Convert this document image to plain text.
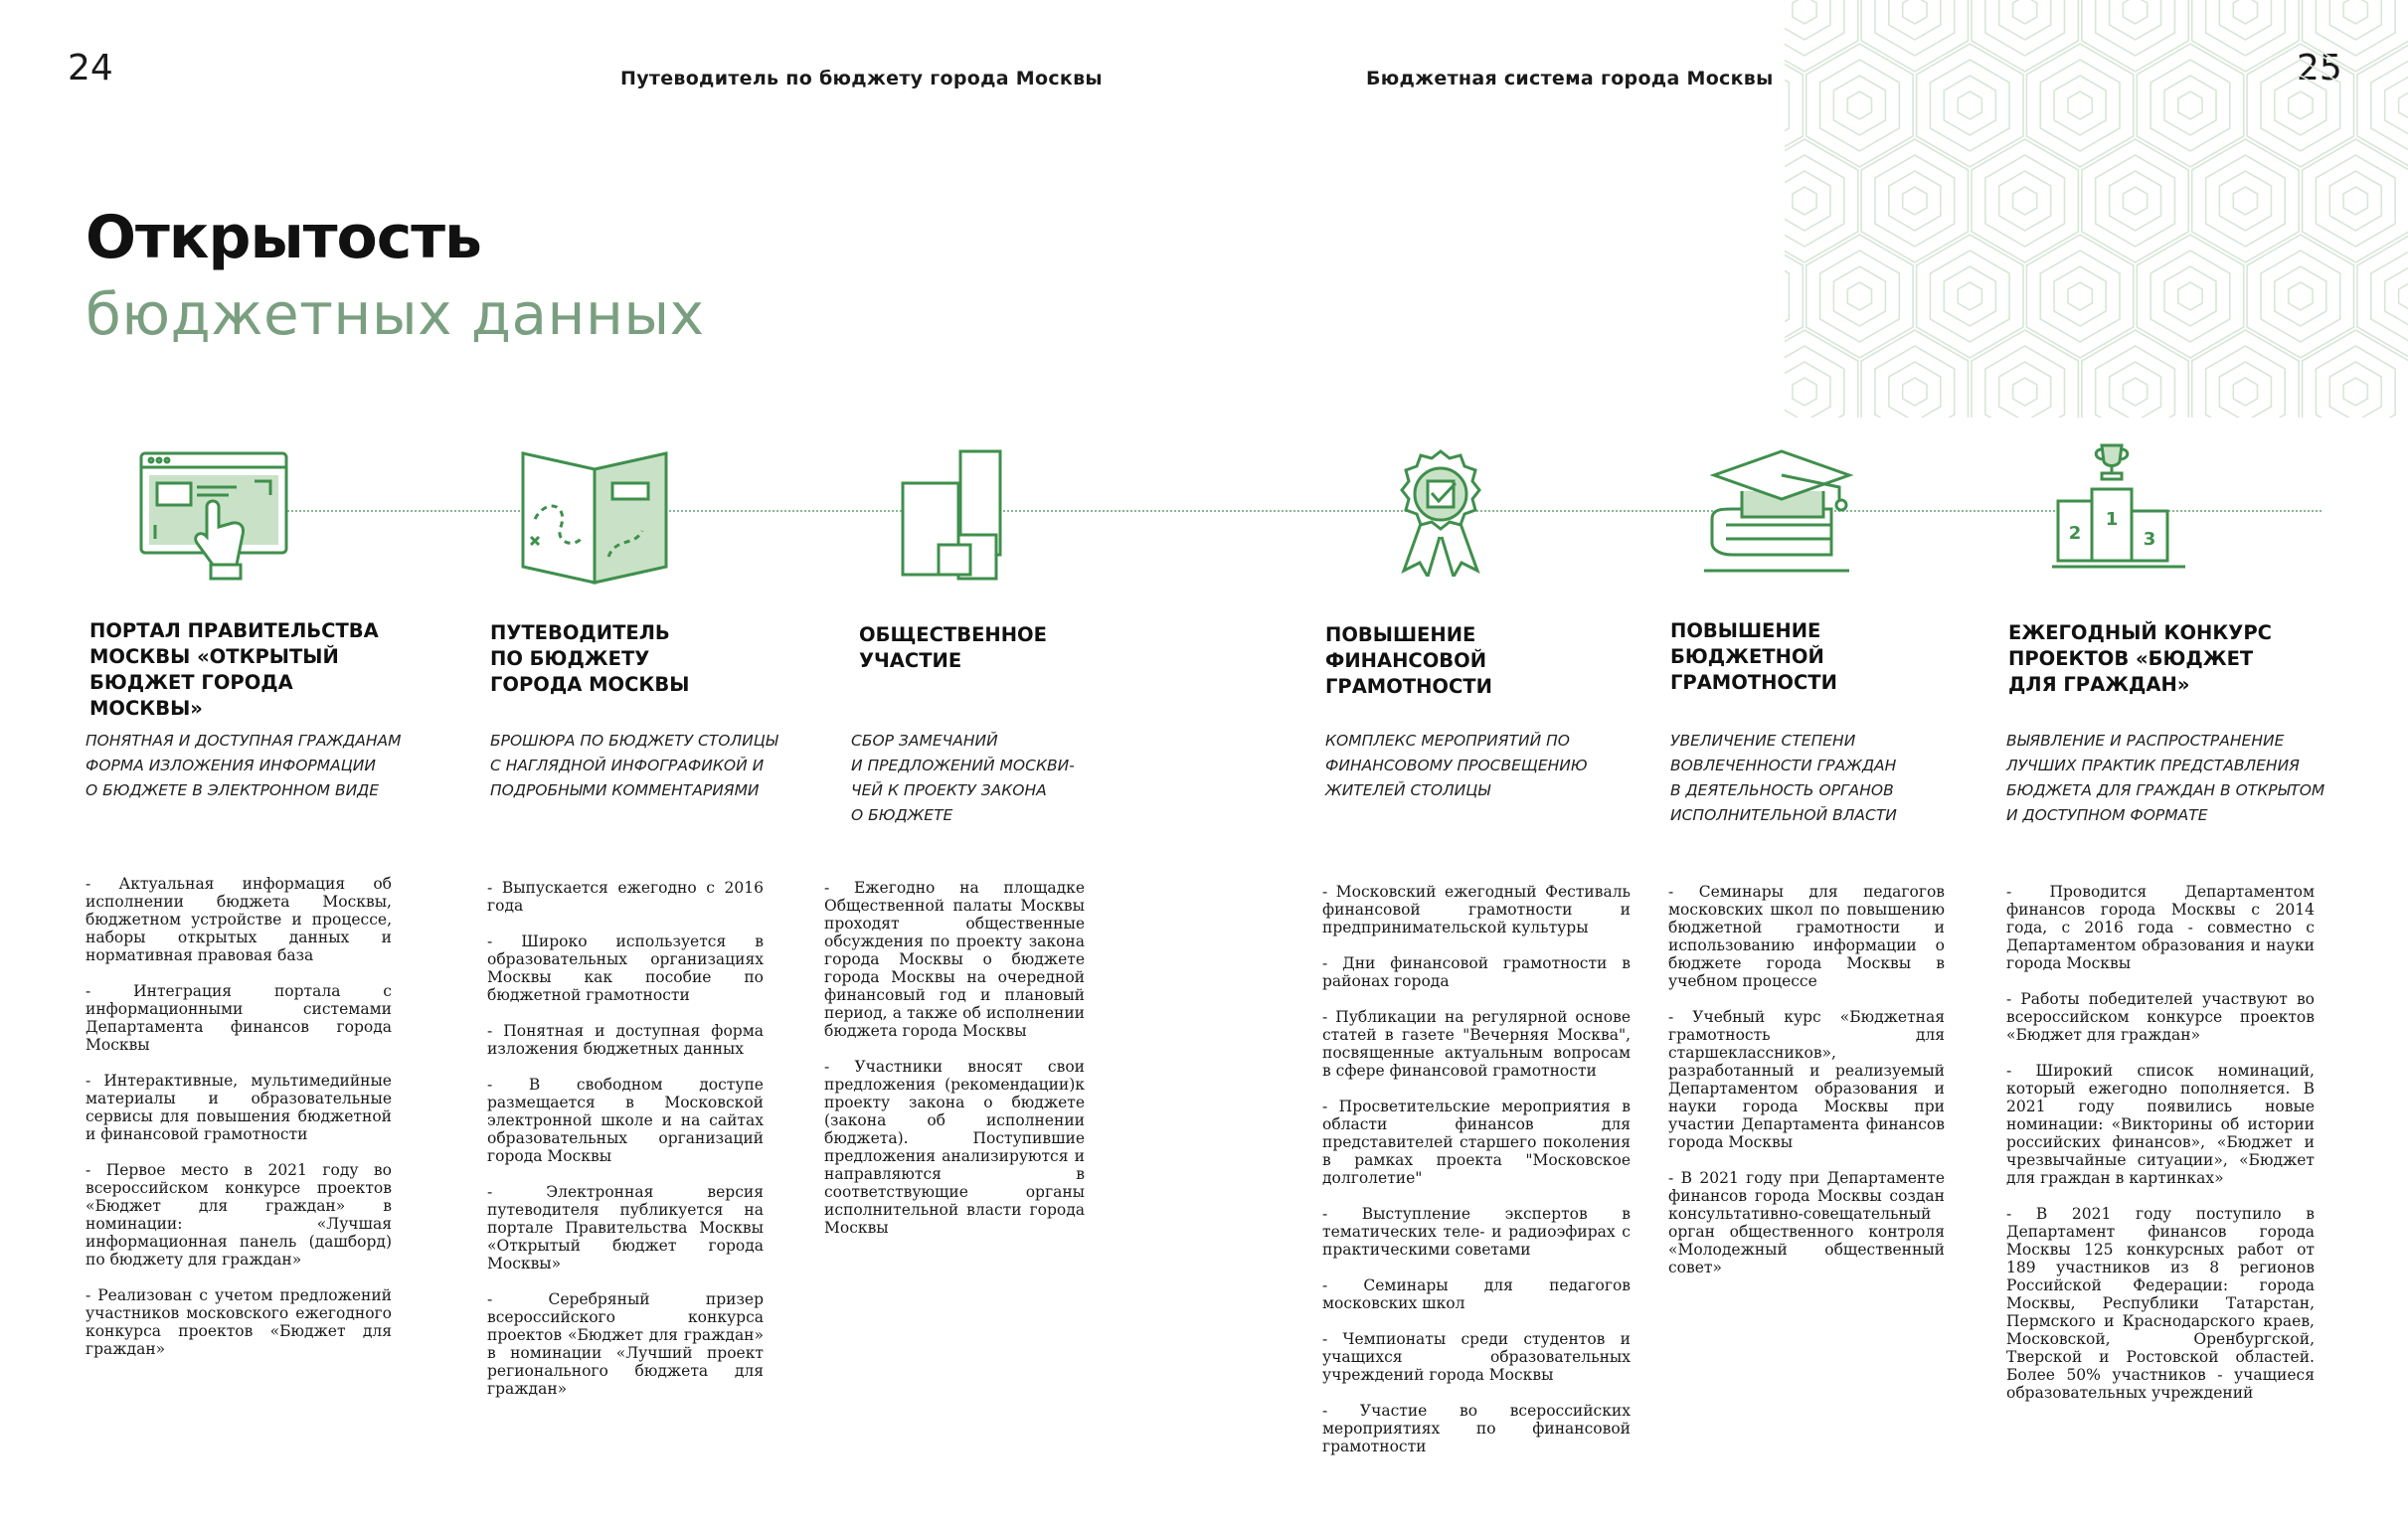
24	25
Путеводитель по бюджету города Москвы	Бюджетная система города Москвы
Открытость
бюджетных данных
1
2	3
ПОРТАЛ ПРАВИТЕЛЬСТВА
МОСКВЫ «ОТКРЫТЫЙ
БЮДЖЕТ ГОРОДА МОСКВЫ»
ПОНЯТНАЯ И ДОСТУПНАЯ ГРАЖДАНАМ
ФОРМА ИЗЛОЖЕНИЯ ИНФОРМАЦИИ
О БЮДЖЕТЕ В ЭЛЕКТРОННОМ ВИДЕ

- Актуальная информация об исполнении бюджета Москвы, бюджетном устройстве и процессе, наборы открытых данных и нормативная правовая база

- Интеграция портала с информационными системами Департамента финансов города Москвы

- Интерактивные, мультимедийные материалы и образовательные сервисы для повышения бюджетной и финансовой грамотности

- Первое место в 2021 году во всероссийском конкурсе проектов «Бюджет для граждан» в номинации: «Лучшая информационная панель (дашборд) по бюджету для граждан»

- Реализован с учетом предложений участников московского ежегодного конкурса проектов «Бюджет для граждан»

ПУТЕВОДИТЕЛЬ
ПО БЮДЖЕТУ
ГОРОДА МОСКВЫ
БРОШЮРА ПО БЮДЖЕТУ СТОЛИЦЫ
С НАГЛЯДНОЙ ИНФОГРАФИКОЙ И
ПОДРОБНЫМИ КОММЕНТАРИЯМИ

- Выпускается ежегодно с 2016 года

- Широко используется в образовательных организациях Москвы как пособие по бюджетной грамотности

- Понятная и доступная форма изложения бюджетных данных

- В свободном доступе размещается в Московской электронной школе и на сайтах образовательных организаций города Москвы

- Электронная версия путеводителя публикуется на портале Правительства Москвы «Открытый бюджет города Москвы»

- Серебряный призер всероссийского конкурса проектов «Бюджет для граждан» в номинации «Лучший проект регионального бюджета для граждан»

ОБЩЕСТВЕННОЕ
УЧАСТИЕ
СБОР ЗАМЕЧАНИЙ
И ПРЕДЛОЖЕНИЙ МОСКВИ-
ЧЕЙ К ПРОЕКТУ ЗАКОНА
О БЮДЖЕТЕ

- Ежегодно на площадке Общественной палаты Москвы проходят общественные обсуждения по проекту закона города Москвы о бюджете города Москвы на очередной финансовый год и плановый период, а также об исполнении бюджета города Москвы

- Участники вносят свои предложения (рекомендации)к проекту закона о бюджете (закона об исполнении бюджета). Поступившие предложения анализируются и направляются в соответствующие органы исполнительной власти города Москвы

ПОВЫШЕНИЕ
ФИНАНСОВОЙ
ГРАМОТНОСТИ
КОМПЛЕКС МЕРОПРИЯТИЙ ПО
ФИНАНСОВОМУ ПРОСВЕЩЕНИЮ
ЖИТЕЛЕЙ СТОЛИЦЫ

- Московский ежегодный Фестиваль финансовой грамотности и предпринимательской культуры

- Дни финансовой грамотности в районах города

- Публикации на регулярной основе статей в газете "Вечерняя Москва", посвященные актуальным вопросам в сфере финансовой грамотности

- Просветительские мероприятия в области финансов для представителей старшего поколения в рамках проекта "Московское долголетие"

- Выступление экспертов в тематических теле- и радиоэфирах с практическими советами

- Семинары для педагогов московских школ

- Чемпионаты среди студентов и учащихся образовательных учреждений города Москвы

- Участие во всероссийских мероприятиях по финансовой грамотности

ПОВЫШЕНИЕ
БЮДЖЕТНОЙ
ГРАМОТНОСТИ
УВЕЛИЧЕНИЕ СТЕПЕНИ
ВОВЛЕЧЕННОСТИ ГРАЖДАН
В ДЕЯТЕЛЬНОСТЬ ОРГАНОВ
ИСПОЛНИТЕЛЬНОЙ ВЛАСТИ

- Семинары для педагогов московских школ по повышению бюджетной грамотности и использованию информации о бюджете города Москвы в учебном процессе

- Учебный курс «Бюджетная грамотность для старшеклассников», разработанный и реализуемый Департаментом образования и науки города Москвы при участии Департамента финансов города Москвы

- В 2021 году при Департаменте финансов города Москвы создан консультативно-совещательный орган общественного контроля «Молодежный общественный совет»

ЕЖЕГОДНЫЙ КОНКУРС
ПРОЕКТОВ «БЮДЖЕТ
ДЛЯ ГРАЖДАН»
ВЫЯВЛЕНИЕ И РАСПРОСТРАНЕНИЕ
ЛУЧШИХ ПРАКТИК ПРЕДСТАВЛЕНИЯ
БЮДЖЕТА ДЛЯ ГРАЖДАН В ОТКРЫТОМ
И ДОСТУПНОМ ФОРМАТЕ

- Проводится Департаментом финансов города Москвы с 2014 года, с 2016 года - совместно с Департаментом образования и науки города Москвы

- Работы победителей участвуют во всероссийском конкурсе проектов «Бюджет для граждан»

- Широкий список номинаций, который ежегодно пополняется. В 2021 году появились новые номинации: «Викторины об истории российских финансов», «Бюджет и чрезвычайные ситуации», «Бюджет для граждан в картинках»

- В 2021 году поступило в Департамент финансов города Москвы 125 конкурсных работ от 189 участников из 8 регионов Российской Федерации: города Москвы, Республики Татарстан, Пермского и Краснодарского краев, Московской, Оренбургской, Тверской и Ростовской областей. Более 50% участников - учащиеся образовательных учреждений
